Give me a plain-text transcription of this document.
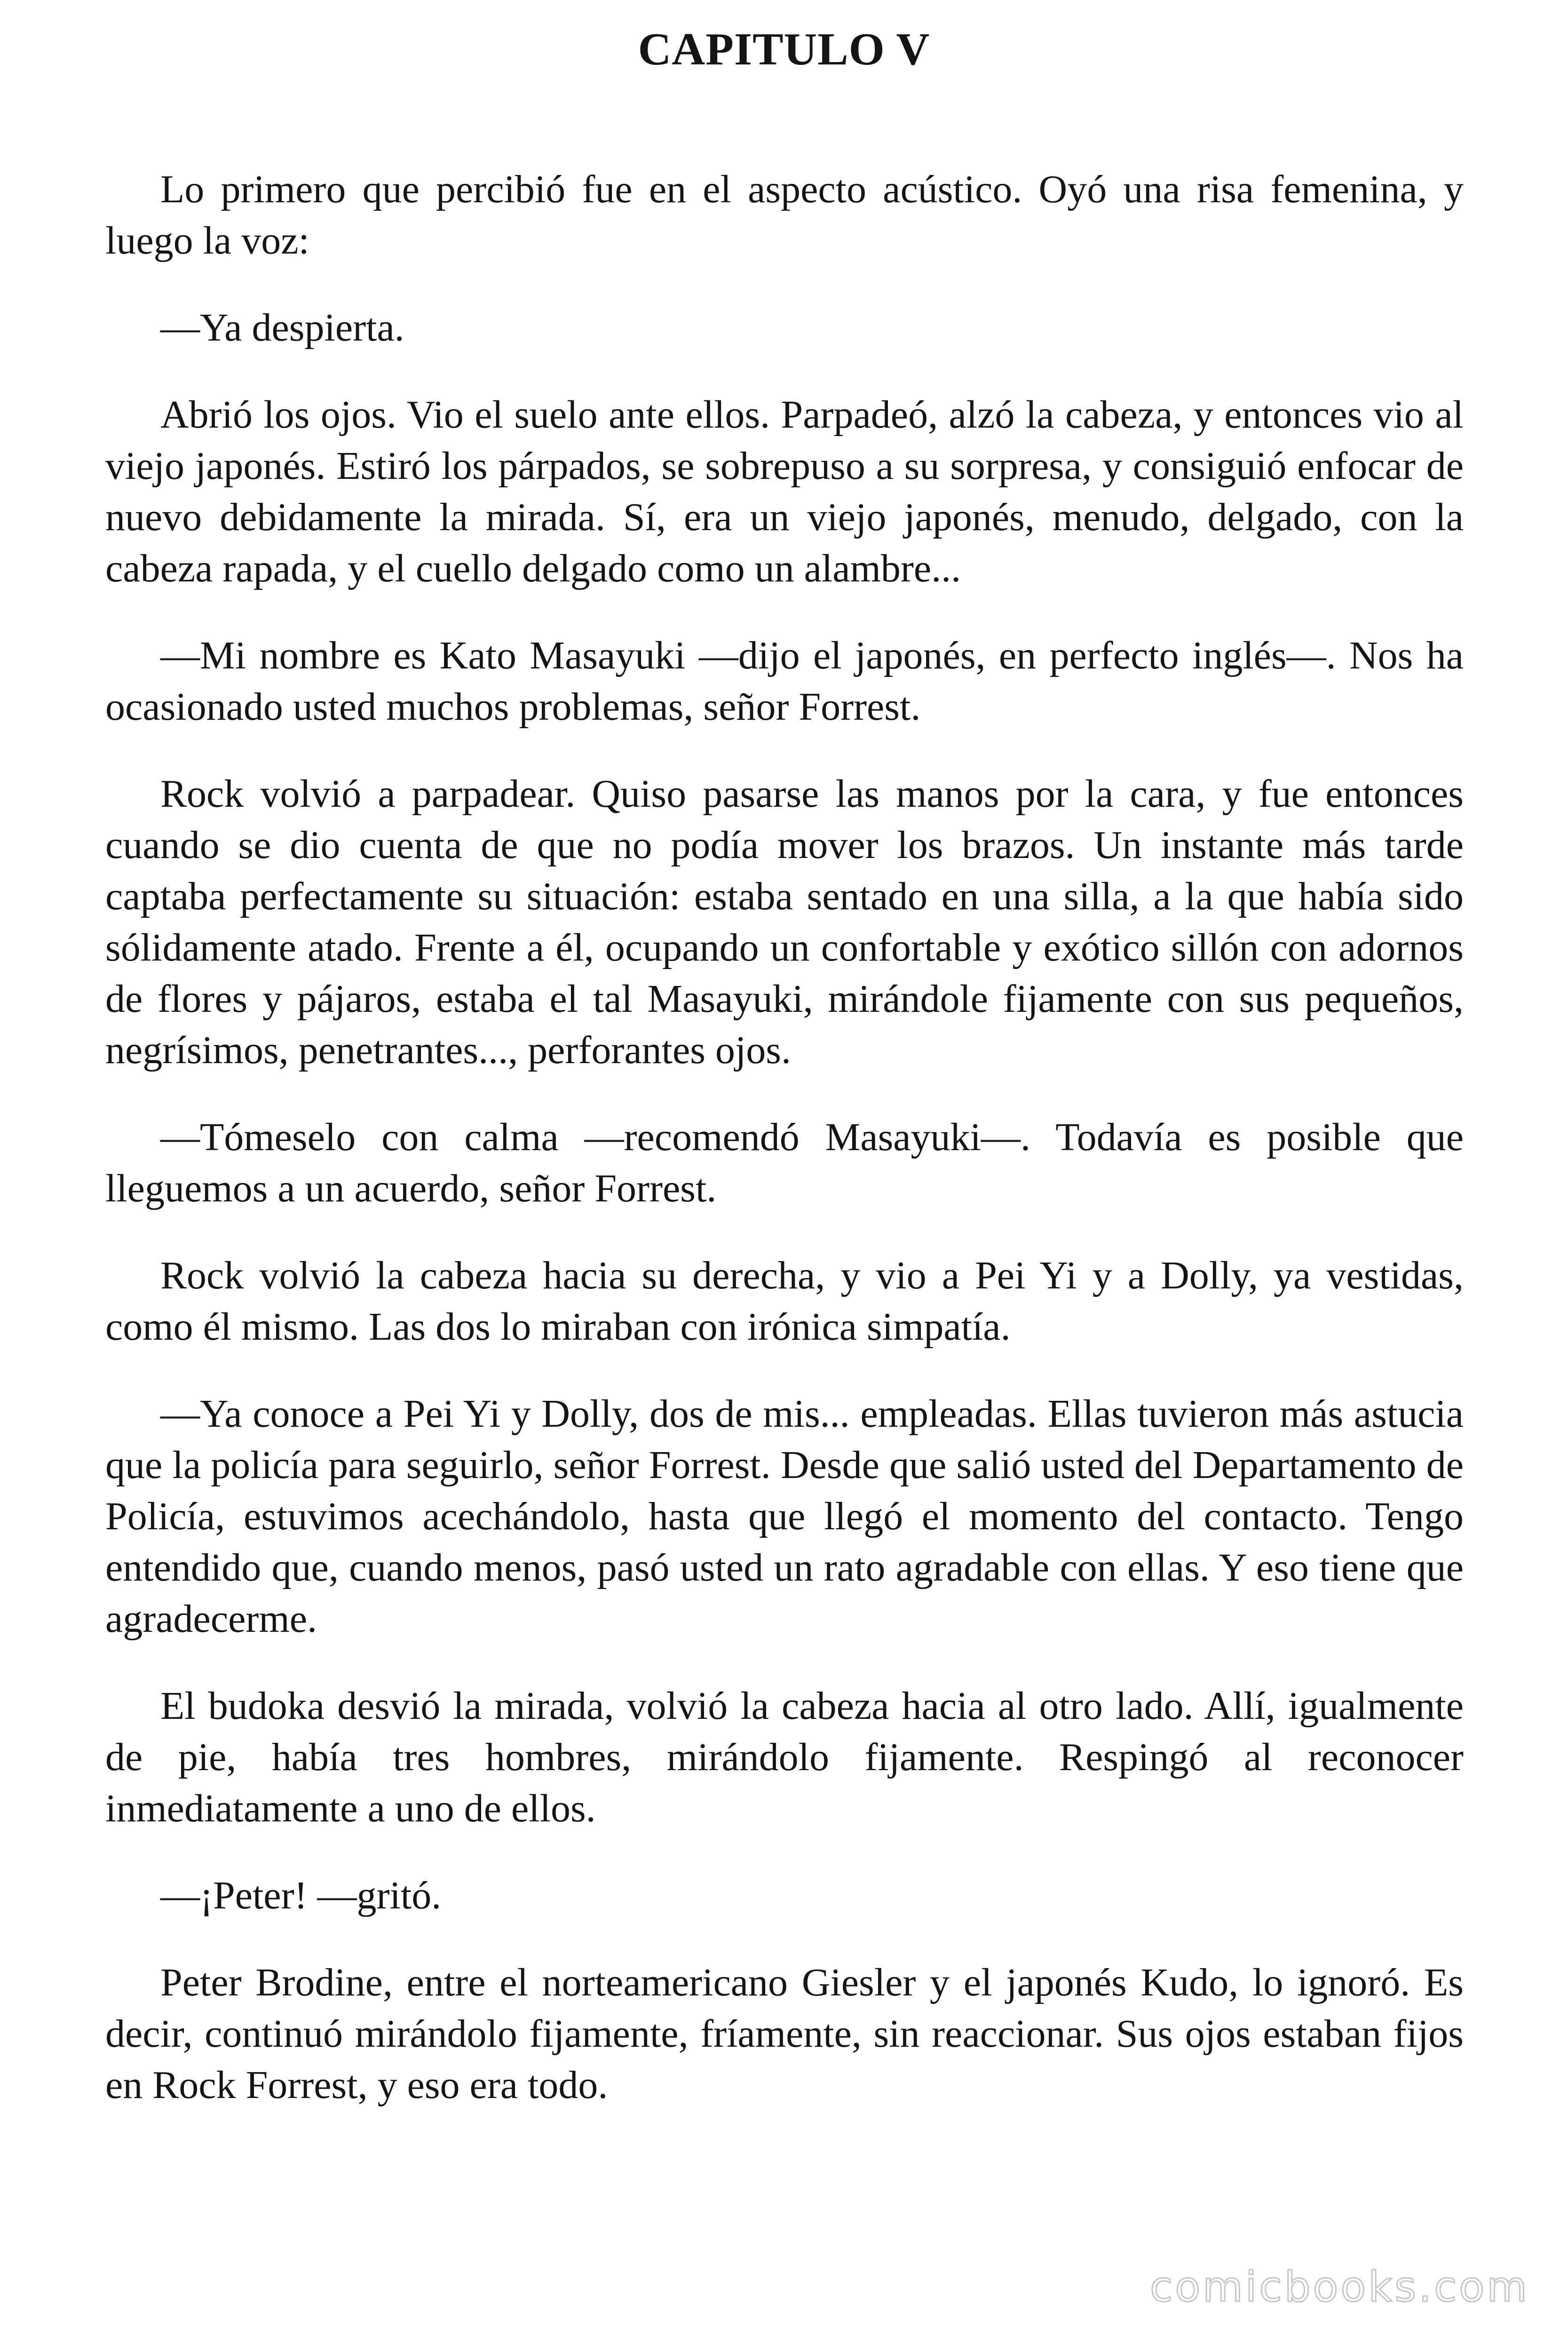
CAPITULO V

Lo primero que percibió fue en el aspecto acústico. Oyó una risa femenina, y luego la voz:

—Ya despierta.

Abrió los ojos. Vio el suelo ante ellos. Parpadeó, alzó la cabeza, y entonces vio al viejo japonés. Estiró los párpados, se sobrepuso a su sorpresa, y consiguió enfocar de nuevo debidamente la mirada. Sí, era un viejo japonés, menudo, delgado, con la cabeza rapada, y el cuello delgado como un alambre...

—Mi nombre es Kato Masayuki —dijo el japonés, en perfecto inglés—. Nos ha ocasionado usted muchos problemas, señor Forrest.

Rock volvió a parpadear. Quiso pasarse las manos por la cara, y fue entonces cuando se dio cuenta de que no podía mover los brazos. Un instante más tarde captaba perfectamente su situación: estaba sentado en una silla, a la que había sido sólidamente atado. Frente a él, ocupando un confortable y exótico sillón con adornos de flores y pájaros, estaba el tal Masayuki, mirándole fijamente con sus pequeños, negrísimos, penetrantes..., perforantes ojos.

—Tómeselo con calma —recomendó Masayuki—. Todavía es posible que lleguemos a un acuerdo, señor Forrest.

Rock volvió la cabeza hacia su derecha, y vio a Pei Yi y a Dolly, ya vestidas, como él mismo. Las dos lo miraban con irónica simpatía.

—Ya conoce a Pei Yi y Dolly, dos de mis... empleadas. Ellas tuvieron más astucia que la policía para seguirlo, señor Forrest. Desde que salió usted del Departamento de Policía, estuvimos acechándolo, hasta que llegó el momento del contacto. Tengo entendido que, cuando menos, pasó usted un rato agradable con ellas. Y eso tiene que agradecerme.

El budoka desvió la mirada, volvió la cabeza hacia al otro lado. Allí, igualmente de pie, había tres hombres, mirándolo fijamente. Respingó al reconocer inmediatamente a uno de ellos.

—¡Peter! —gritó.

Peter Brodine, entre el norteamericano Giesler y el japonés Kudo, lo ignoró. Es decir, continuó mirándolo fijamente, fríamente, sin reaccionar. Sus ojos estaban fijos en Rock Forrest, y eso era todo.

comicbooks.com
